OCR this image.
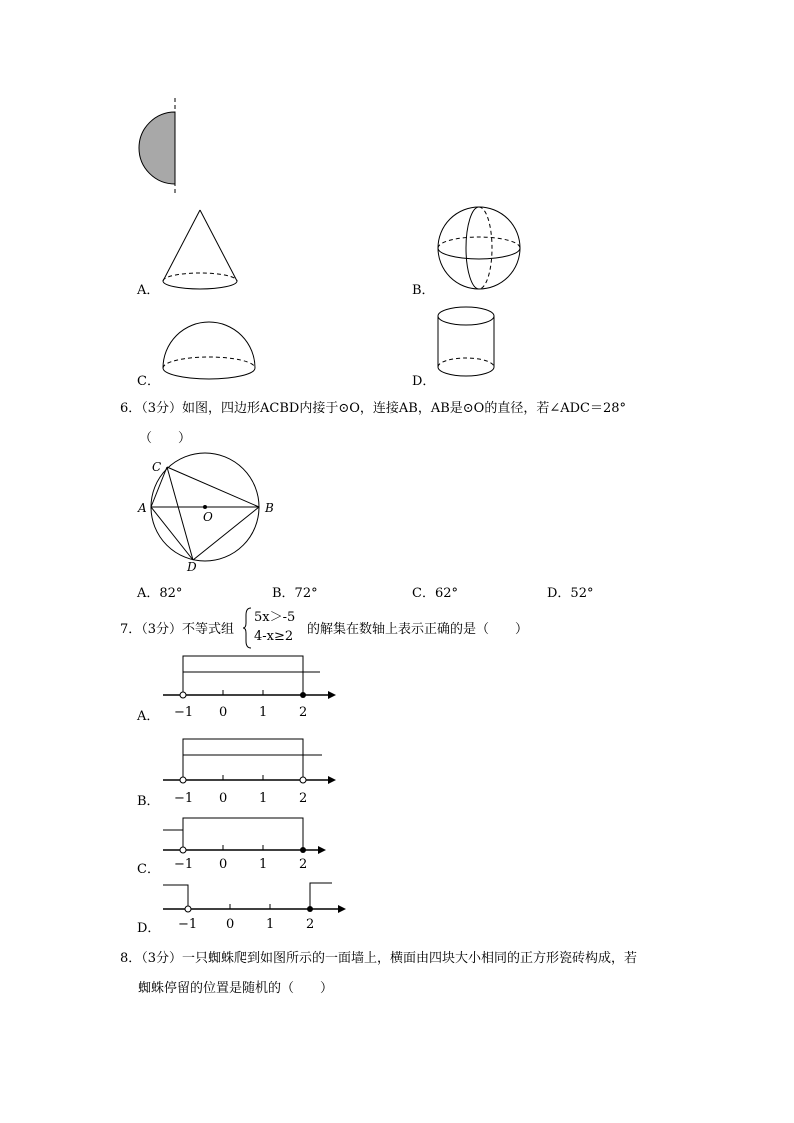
A．	B．
C．	D．
6．（3分）如图，四边形ACBD内接于⊙O，连接AB，AB是⊙O的直径，若∠ADC＝28°
（　　）
C
A
O
B
D
A．82°	B．72°	C．62°	D．52°
7．（3分）不等式组
5x＞-5
4-x≥2 的解集在数轴上表示正确的是（　　）
A． −1 0 1 2
B． −1 0 1 2
C． −1 0 1 2
D． −1 0 1 2
8．（3分）一只蜘蛛爬到如图所示的一面墙上，横面由四块大小相同的正方形瓷砖构成，若
蜘蛛停留的位置是随机的（　　）
